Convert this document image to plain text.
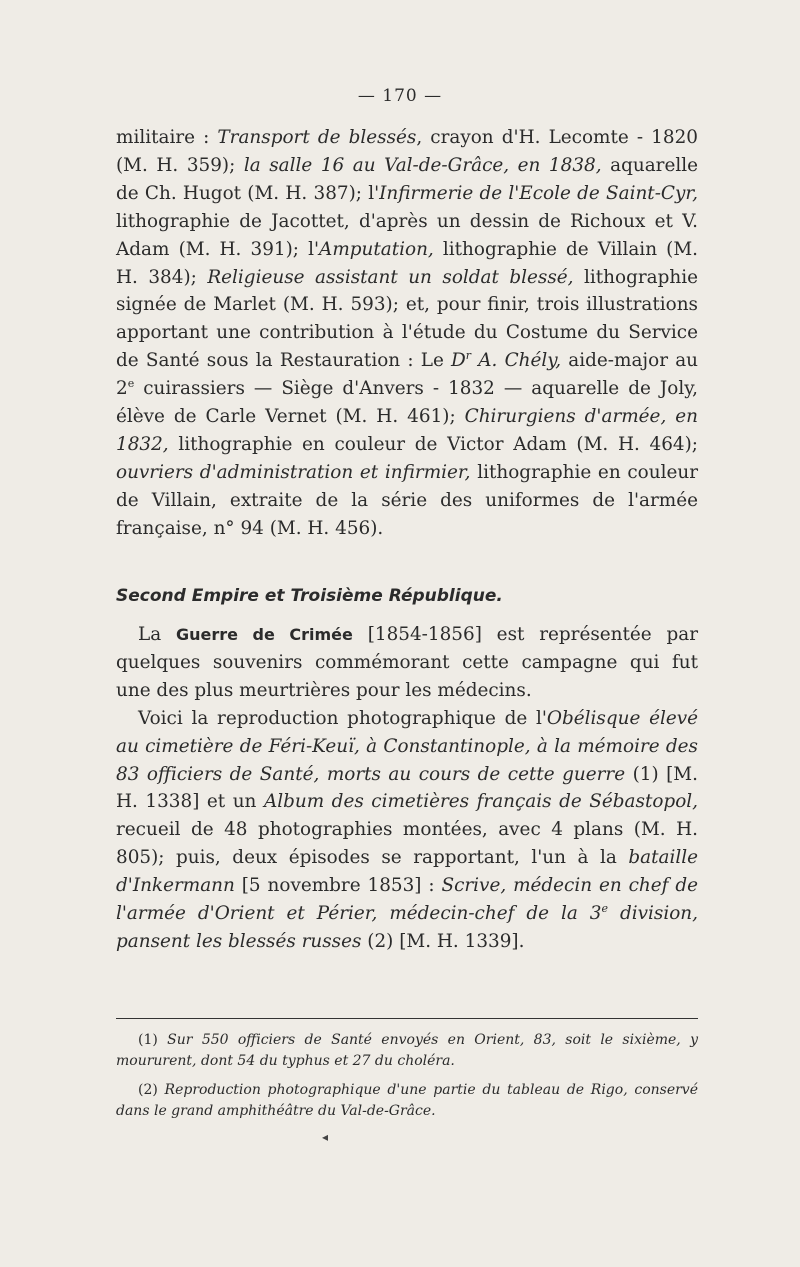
— 170 —

militaire : Transport de blessés, crayon d'H. Lecomte - 1820 (M. H. 359); la salle 16 au Val-de-Grâce, en 1838, aquarelle de Ch. Hugot (M. H. 387); l'Infirmerie de l'Ecole de Saint-Cyr, lithographie de Jacottet, d'après un dessin de Richoux et V. Adam (M. H. 391); l'Amputation, lithographie de Villain (M. H. 384); Religieuse assistant un soldat blessé, lithographie signée de Marlet (M. H. 593); et, pour finir, trois illustrations apportant une contribution à l'étude du Costume du Service de Santé sous la Restauration : Le $D^r$ A. Chély, aide-major au 2e cuirassiers — Siège d'Anvers - 1832 — aquarelle de Joly, élève de Carle Vernet (M. H. 461); Chirurgiens d'armée, en 1832, lithographie en couleur de Victor Adam (M. H. 464); ouvriers d'administration et infirmier, lithographie en couleur de Villain, extraite de la série des uniformes de l'armée française, n° 94 (M. H. 456).

Second Empire et Troisième République.

La Guerre de Crimée [1854-1856] est représentée par quelques souvenirs commémorant cette campagne qui fut une des plus meurtrières pour les médecins.

Voici la reproduction photographique de l'Obélisque élevé au cimetière de Féri-Keuï, à Constantinople, à la mémoire des 83 officiers de Santé, morts au cours de cette guerre (1) [M. H. 1338] et un Album des cimetières français de Sébastopol, recueil de 48 photographies montées, avec 4 plans (M. H. 805); puis, deux épisodes se rapportant, l'un à la bataille d'Inkermann [5 novembre 1853] : Scrive, médecin en chef de l'armée d'Orient et Périer, médecin-chef de la 3e division, pansent les blessés russes (2) [M. H. 1339].

(1) Sur 550 officiers de Santé envoyés en Orient, 83, soit le sixième, y moururent, dont 54 du typhus et 27 du choléra.

(2) Reproduction photographique d'une partie du tableau de Rigo, conservé dans le grand amphithéâtre du Val-de-Grâce.

◂
